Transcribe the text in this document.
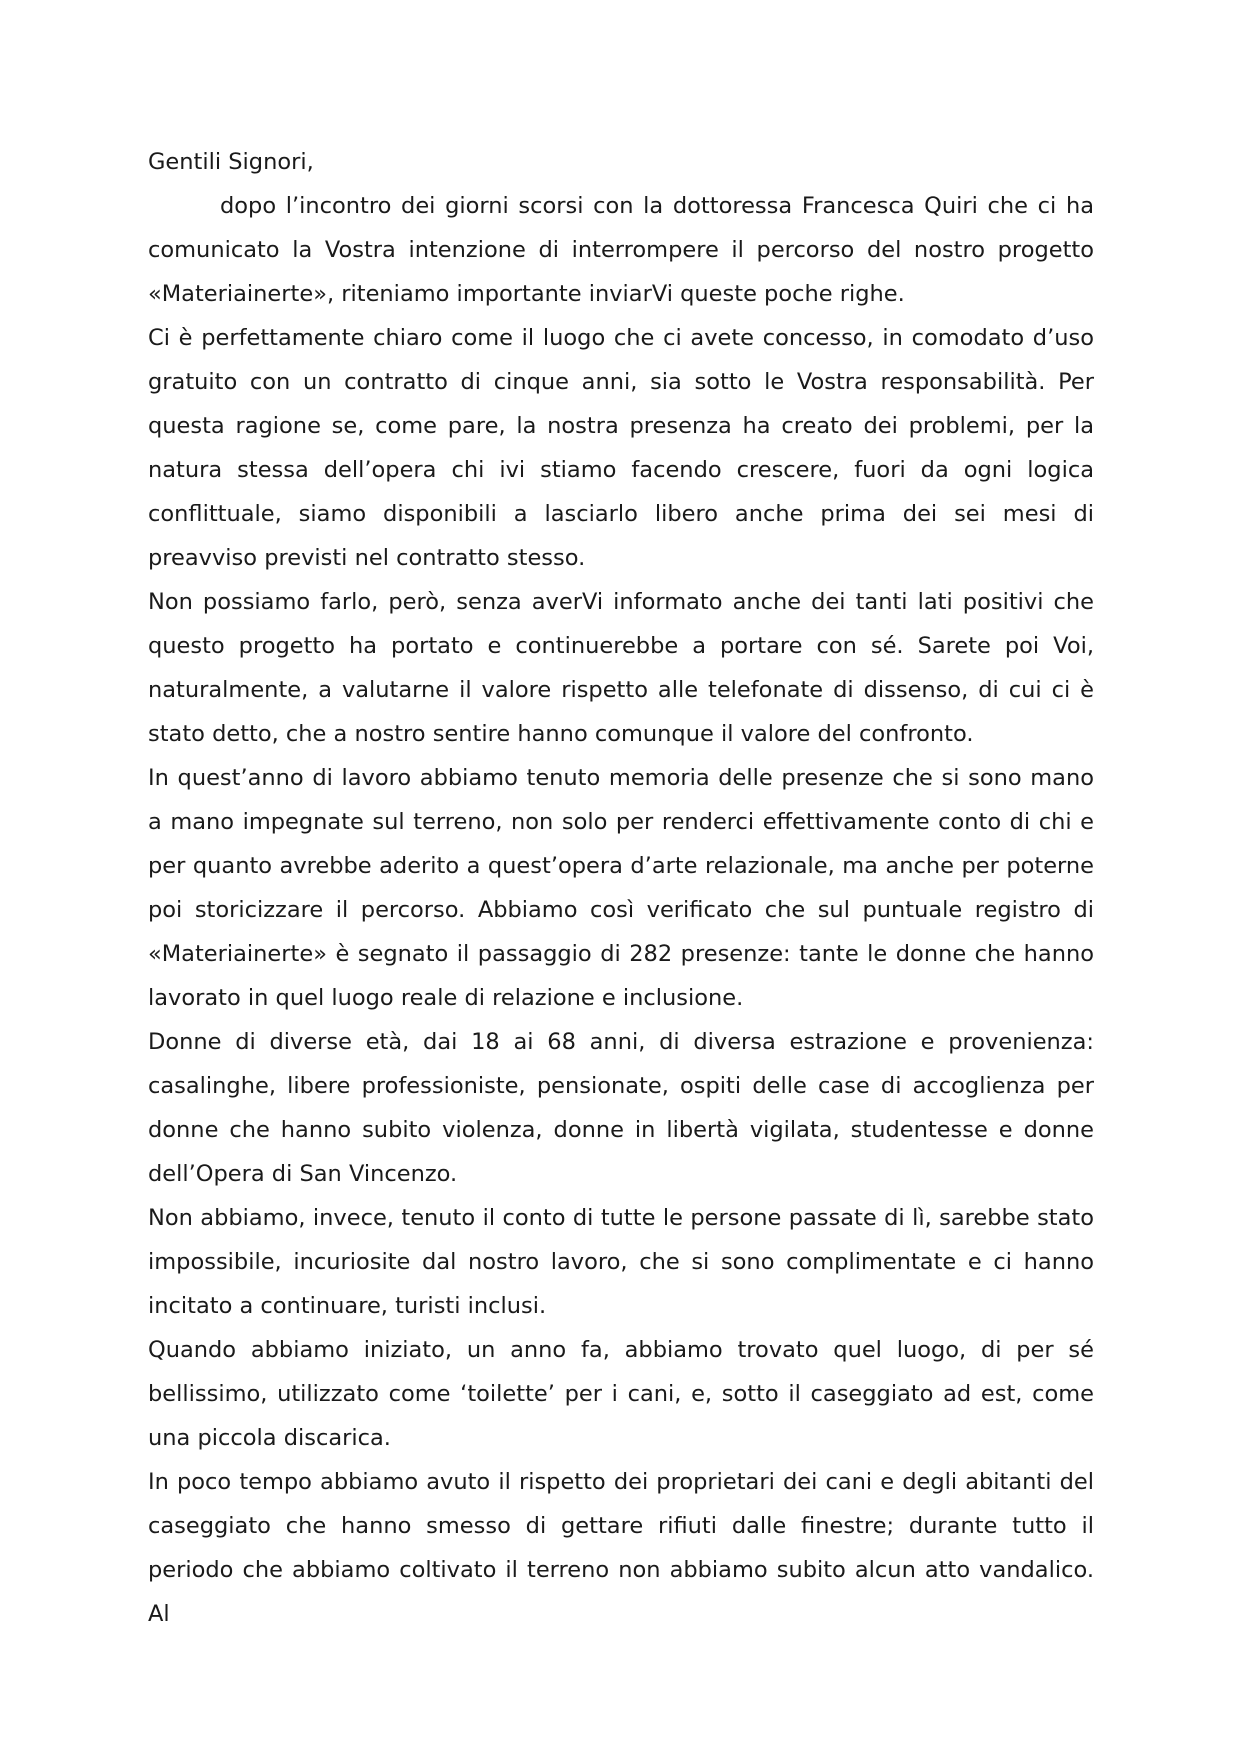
Gentili Signori,

dopo l’incontro dei giorni scorsi con la dottoressa Francesca Quiri che ci ha comunicato la Vostra intenzione di interrompere il percorso del nostro progetto «Materiainerte», riteniamo importante inviarVi queste poche righe.

Ci è perfettamente chiaro come il luogo che ci avete concesso, in comodato d’uso gratuito con un contratto di cinque anni, sia sotto le Vostra responsabilità. Per questa ragione se, come pare, la nostra presenza ha creato dei problemi, per la natura stessa dell’opera chi ivi stiamo facendo crescere, fuori da ogni logica conflittuale, siamo disponibili a lasciarlo libero anche prima dei sei mesi di preavviso previsti nel contratto stesso.

Non possiamo farlo, però, senza averVi informato anche dei tanti lati positivi che questo progetto ha portato e continuerebbe a portare con sé. Sarete poi Voi, naturalmente, a valutarne il valore rispetto alle telefonate di dissenso, di cui ci è stato detto, che a nostro sentire hanno comunque il valore del confronto.

In quest’anno di lavoro abbiamo tenuto memoria delle presenze che si sono mano a mano impegnate sul terreno, non solo per renderci effettivamente conto di chi e per quanto avrebbe aderito a quest’opera d’arte relazionale, ma anche per poterne poi storicizzare il percorso. Abbiamo così verificato che sul puntuale registro di «Materiainerte» è segnato il passaggio di 282 presenze: tante le donne che hanno lavorato in quel luogo reale di relazione e inclusione.

Donne di diverse età, dai 18 ai 68 anni, di diversa estrazione e provenienza: casalinghe, libere professioniste, pensionate, ospiti delle case di accoglienza per donne che hanno subito violenza, donne in libertà vigilata, studentesse e donne dell’Opera di San Vincenzo.

Non abbiamo, invece, tenuto il conto di tutte le persone passate di lì, sarebbe stato impossibile, incuriosite dal nostro lavoro, che si sono complimentate e ci hanno incitato a continuare, turisti inclusi.

Quando abbiamo iniziato, un anno fa, abbiamo trovato quel luogo, di per sé bellissimo, utilizzato come ‘toilette’ per i cani, e, sotto il caseggiato ad est, come una piccola discarica.

In poco tempo abbiamo avuto il rispetto dei proprietari dei cani e degli abitanti del caseggiato che hanno smesso di gettare rifiuti dalle finestre; durante tutto il periodo che abbiamo coltivato il terreno non abbiamo subito alcun atto vandalico. Al
